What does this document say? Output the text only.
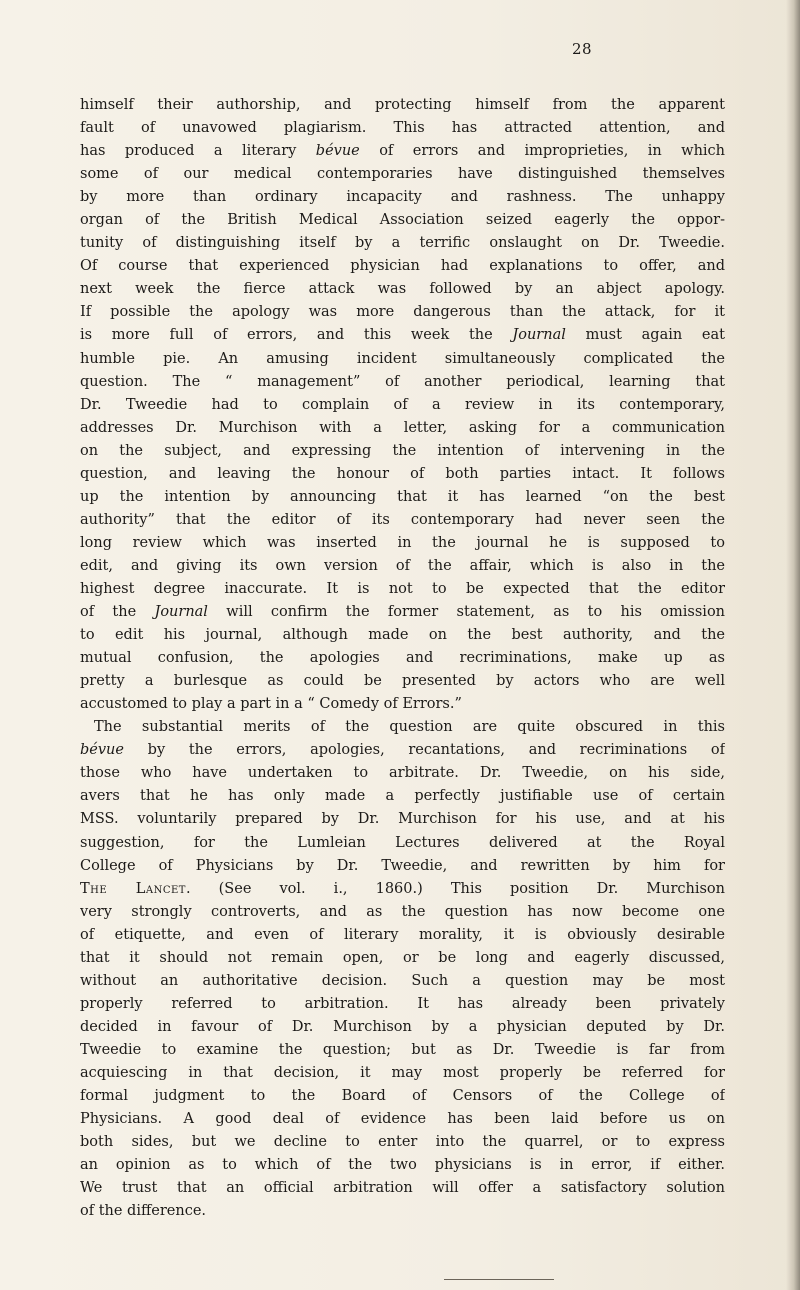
28

himself their authorship, and protecting himself from the apparent
fault of unavowed plagiarism. This has attracted attention, and
has produced a literary bévue of errors and improprieties, in which
some of our medical contemporaries have distinguished themselves
by more than ordinary incapacity and rashness. The unhappy
organ of the British Medical Association seized eagerly the oppor-
tunity of distinguishing itself by a terrific onslaught on Dr. Tweedie.
Of course that experienced physician had explanations to offer, and
next week the fierce attack was followed by an abject apology.
If possible the apology was more dangerous than the attack, for it
is more full of errors, and this week the Journal must again eat
humble pie. An amusing incident simultaneously complicated the
question. The “ management” of another periodical, learning that
Dr. Tweedie had to complain of a review in its contemporary,
addresses Dr. Murchison with a letter, asking for a communication
on the subject, and expressing the intention of intervening in the
question, and leaving the honour of both parties intact. It follows
up the intention by announcing that it has learned “on the best
authority” that the editor of its contemporary had never seen the
long review which was inserted in the journal he is supposed to
edit, and giving its own version of the affair, which is also in the
highest degree inaccurate. It is not to be expected that the editor
of the Journal will confirm the former statement, as to his omission
to edit his journal, although made on the best authority, and the
mutual confusion, the apologies and recriminations, make up as
pretty a burlesque as could be presented by actors who are well
accustomed to play a part in a “ Comedy of Errors.”

The substantial merits of the question are quite obscured in this
bévue by the errors, apologies, recantations, and recriminations of
those who have undertaken to arbitrate. Dr. Tweedie, on his side,
avers that he has only made a perfectly justifiable use of certain
MSS. voluntarily prepared by Dr. Murchison for his use, and at his
suggestion, for the Lumleian Lectures delivered at the Royal
College of Physicians by Dr. Tweedie, and rewritten by him for
The Lancet. (See vol. i., 1860.) This position Dr. Murchison
very strongly controverts, and as the question has now become one
of etiquette, and even of literary morality, it is obviously desirable
that it should not remain open, or be long and eagerly discussed,
without an authoritative decision. Such a question may be most
properly referred to arbitration. It has already been privately
decided in favour of Dr. Murchison by a physician deputed by Dr.
Tweedie to examine the question; but as Dr. Tweedie is far from
acquiescing in that decision, it may most properly be referred for
formal judgment to the Board of Censors of the College of
Physicians. A good deal of evidence has been laid before us on
both sides, but we decline to enter into the quarrel, or to express
an opinion as to which of the two physicians is in error, if either.
We trust that an official arbitration will offer a satisfactory solution
of the difference.
